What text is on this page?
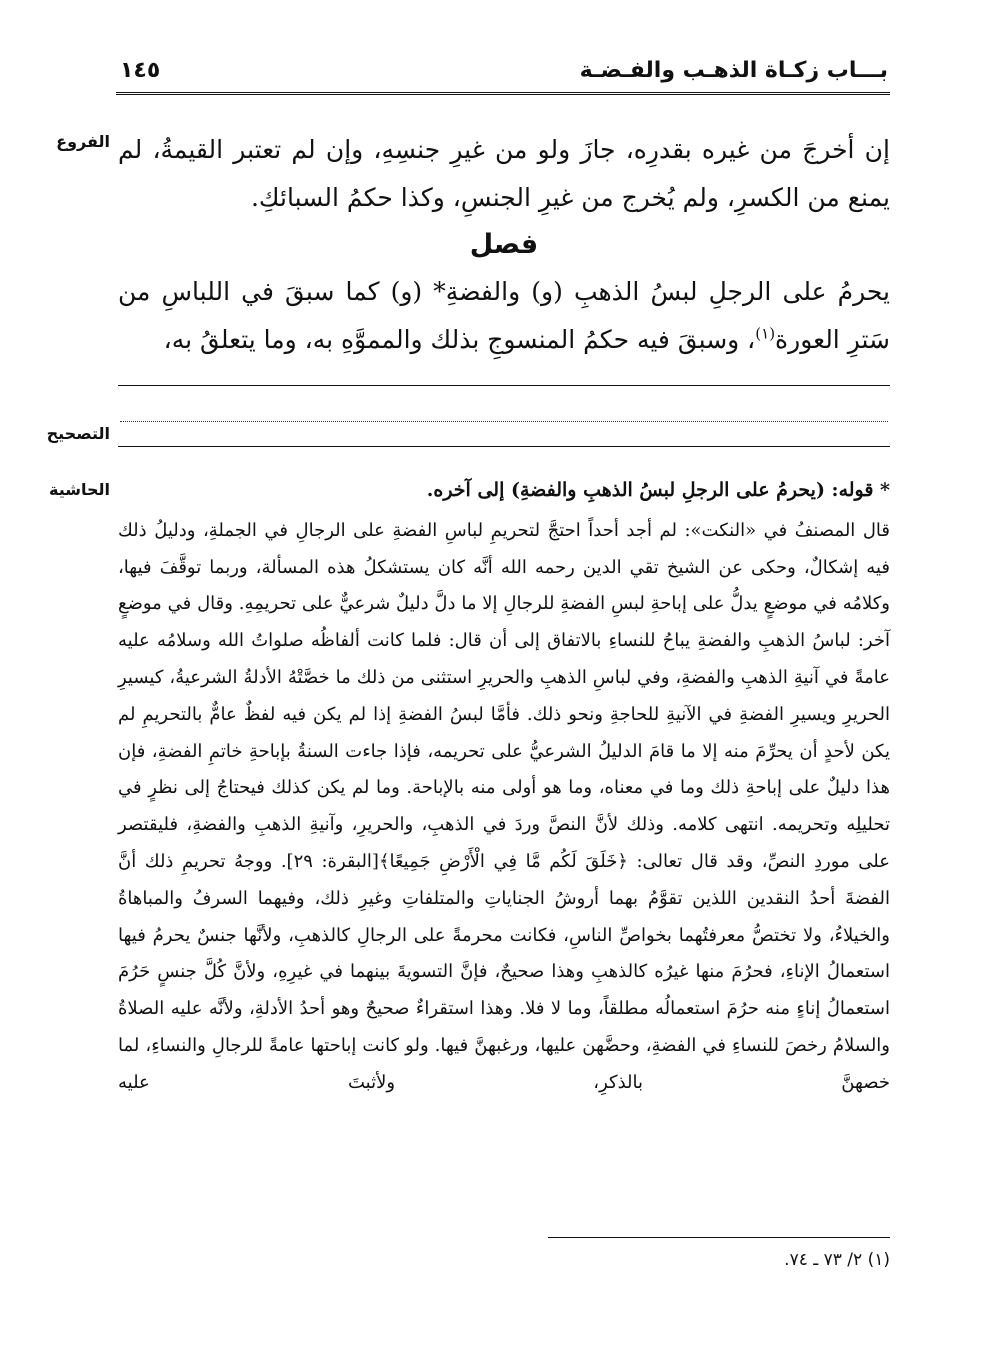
بـــاب زكـاة الذهـب والفـضـة
١٤٥
الفروع
التصحيح
الحاشية

إن أخرجَ من غيره بقدرِه، جازَ ولو من غيرِ جنسِهِ، وإن لم تعتبر القيمةُ، لم يمنع من الكسرِ، ولم يُخرج من غيرِ الجنسِ، وكذا حكمُ السبائكِ.

فصل

يحرمُ على الرجلِ لبسُ الذهبِ (و) والفضةِ* (و) كما سبقَ في اللباسِ من سَترِ العورة$^{(١)}$، وسبقَ فيه حكمُ المنسوجِ بذلك والمموَّهِ به، وما يتعلقُ به،

* قوله: (يحرمُ على الرجلِ لبسُ الذهبِ والفضةِ) إلى آخره.

قال المصنفُ في «النكت»: لم أجد أحداً احتجَّ لتحريمِ لباسِ الفضةِ على الرجالِ في الجملةِ، ودليلُ ذلك فيه إشكالٌ، وحكى عن الشيخ تقي الدين رحمه الله أنَّه كان يستشكلُ هذه المسألة، وربما توقَّفَ فيها، وكلامُه في موضعٍ يدلُّ على إباحةِ لبسِ الفضةِ للرجالِ إلا ما دلَّ دليلٌ شرعيٌّ على تحريمِهِ. وقال في موضعٍ آخر: لباسُ الذهبِ والفضةِ يباحُ للنساءِ بالاتفاق إلى أن قال: فلما كانت ألفاظُه صلواتُ الله وسلامُه عليه عامةً في آنيةِ الذهبِ والفضةِ، وفي لباسِ الذهبِ والحريرِ استثنى من ذلك ما خصَّتْهُ الأدلةُ الشرعيةُ، كيسيرِ الحريرِ ويسيرِ الفضةِ في الآنيةِ للحاجةِ ونحو ذلك. فأمَّا لبسُ الفضةِ إذا لم يكن فيه لفظٌ عامٌّ بالتحريمِ لم يكن لأحدٍ أن يحرِّمَ منه إلا ما قامَ الدليلُ الشرعيُّ على تحريمه، فإذا جاءت السنةُ بإباحةِ خاتمِ الفضةِ، فإن هذا دليلٌ على إباحةِ ذلك وما في معناه، وما هو أولى منه بالإباحة. وما لم يكن كذلك فيحتاجُ إلى نظرٍ في تحليلِه وتحريمه. انتهى كلامه. وذلك لأنَّ النصَّ وردَ في الذهبِ، والحريرِ، وآنيةِ الذهبِ والفضةِ، فليقتصر على موردِ النصِّ، وقد قال تعالى: ﴿خَلَقَ لَكُم مَّا فِي الْأَرْضِ جَمِيعًا﴾[البقرة: ٢٩]. ووجهُ تحريمِ ذلك أنَّ الفضةَ أحدُ النقدين اللذين تقوَّمُ بهما أروشُ الجناياتِ والمتلفاتِ وغيرِ ذلك، وفيهما السرفُ والمباهاةُ والخيلاءُ، ولا تختصُّ معرفتُهما بخواصِّ الناسِ، فكانت محرمةً على الرجالِ كالذهبِ، ولأنَّها جنسٌ يحرمُ فيها استعمالُ الإناءِ، فحرُمَ منها غيرُه كالذهبِ وهذا صحيحٌ، فإنَّ التسويةَ بينهما في غيرِهِ، ولأنَّ كُلَّ جنسٍ حَرُمَ استعمالُ إناءٍ منه حرُمَ استعمالُه مطلقاً، وما لا فلا. وهذا استقراءٌ صحيحٌ وهو أحدُ الأدلةِ، ولأنَّه عليه الصلاةُ والسلامُ رخصَ للنساءِ في الفضةِ، وحضَّهن عليها، ورغبهنَّ فيها. ولو كانت إباحتها عامةً للرجالِ والنساءِ، لما خصهنَّ بالذكرِ، ولأثبتَ عليه

(١) ٢/ ٧٣ ـ ٧٤.
